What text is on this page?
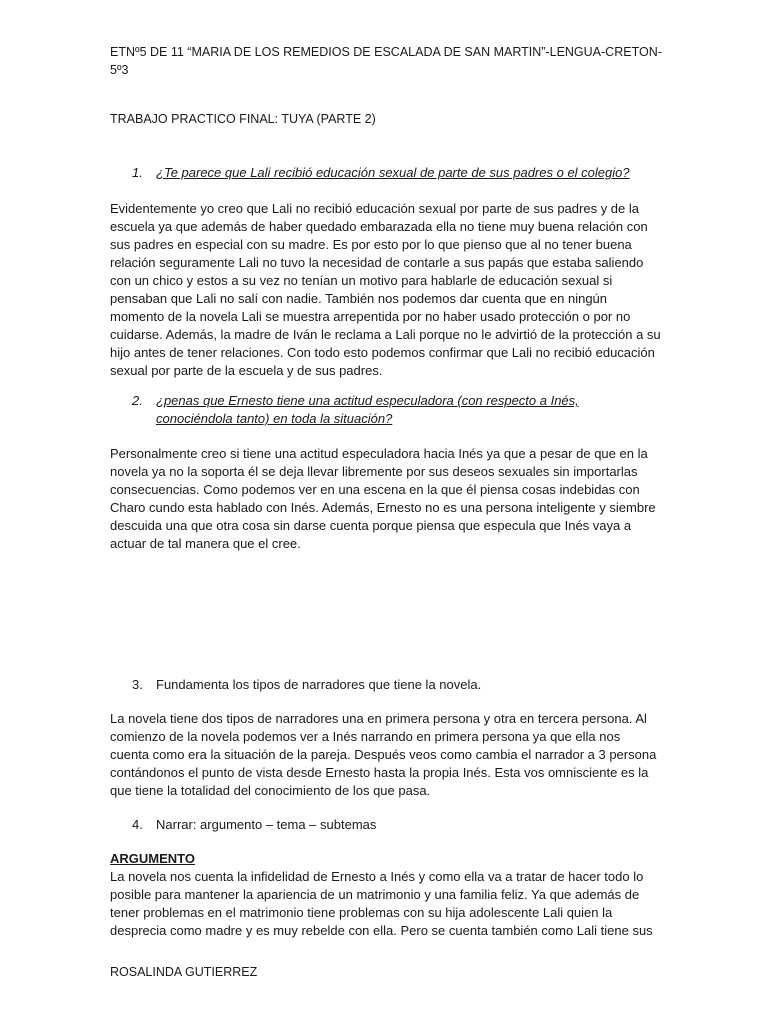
ETNº5 DE 11 “MARIA DE LOS REMEDIOS DE ESCALADA DE SAN MARTIN”-LENGUA-CRETON-5º3

TRABAJO PRACTICO FINAL: TUYA (PARTE 2)

1. ¿Te parece que Lali recibió educación sexual de parte de sus padres o el colegio?

Evidentemente yo creo que Lali no recibió educación sexual por parte de sus padres y de la

escuela ya que además de haber quedado embarazada ella no tiene muy buena relación con

sus padres en especial con su madre. Es por esto por lo que pienso que al no tener buena

relación seguramente Lali no tuvo la necesidad de contarle a sus papás que estaba saliendo

con un chico y estos a su vez no tenían un motivo para hablarle de educación sexual si

pensaban que Lali no salí con nadie. También nos podemos dar cuenta que en ningún

momento de la novela Lali se muestra arrepentida por no haber usado protección o por no

cuidarse. Además, la madre de Iván le reclama a Lali porque no le advirtió de la protección a su

hijo antes de tener relaciones. Con todo esto podemos confirmar que Lali no recibió educación

sexual por parte de la escuela y de sus padres.

2. ¿penas que Ernesto tiene una actitud especuladora (con respecto a Inés,
conociéndola tanto) en toda la situación?

Personalmente creo si tiene una actitud especuladora hacia Inés ya que a pesar de que en la

novela ya no la soporta él se deja llevar libremente por sus deseos sexuales sin importarlas

consecuencias. Como podemos ver en una escena en la que él piensa cosas indebidas con

Charo cundo esta hablado con Inés. Además, Ernesto no es una persona inteligente y siembre

descuida una que otra cosa sin darse cuenta porque piensa que especula que Inés vaya a

actuar de tal manera que el cree.

3. Fundamenta los tipos de narradores que tiene la novela.

La novela tiene dos tipos de narradores una en primera persona y otra en tercera persona. Al

comienzo de la novela podemos ver a Inés narrando en primera persona ya que ella nos

cuenta como era la situación de la pareja. Después veos como cambia el narrador a 3 persona

contándonos el punto de vista desde Ernesto hasta la propia Inés. Esta vos omnisciente es la

que tiene la totalidad del conocimiento de los que pasa.

4. Narrar: argumento – tema – subtemas

ARGUMENTO

La novela nos cuenta la infidelidad de Ernesto a Inés y como ella va a tratar de hacer todo lo

posible para mantener la apariencia de un matrimonio y una familia feliz. Ya que además de

tener problemas en el matrimonio tiene problemas con su hija adolescente Lali quien la

desprecia como madre y es muy rebelde con ella. Pero se cuenta también como Lali tiene sus

ROSALINDA GUTIERREZ
